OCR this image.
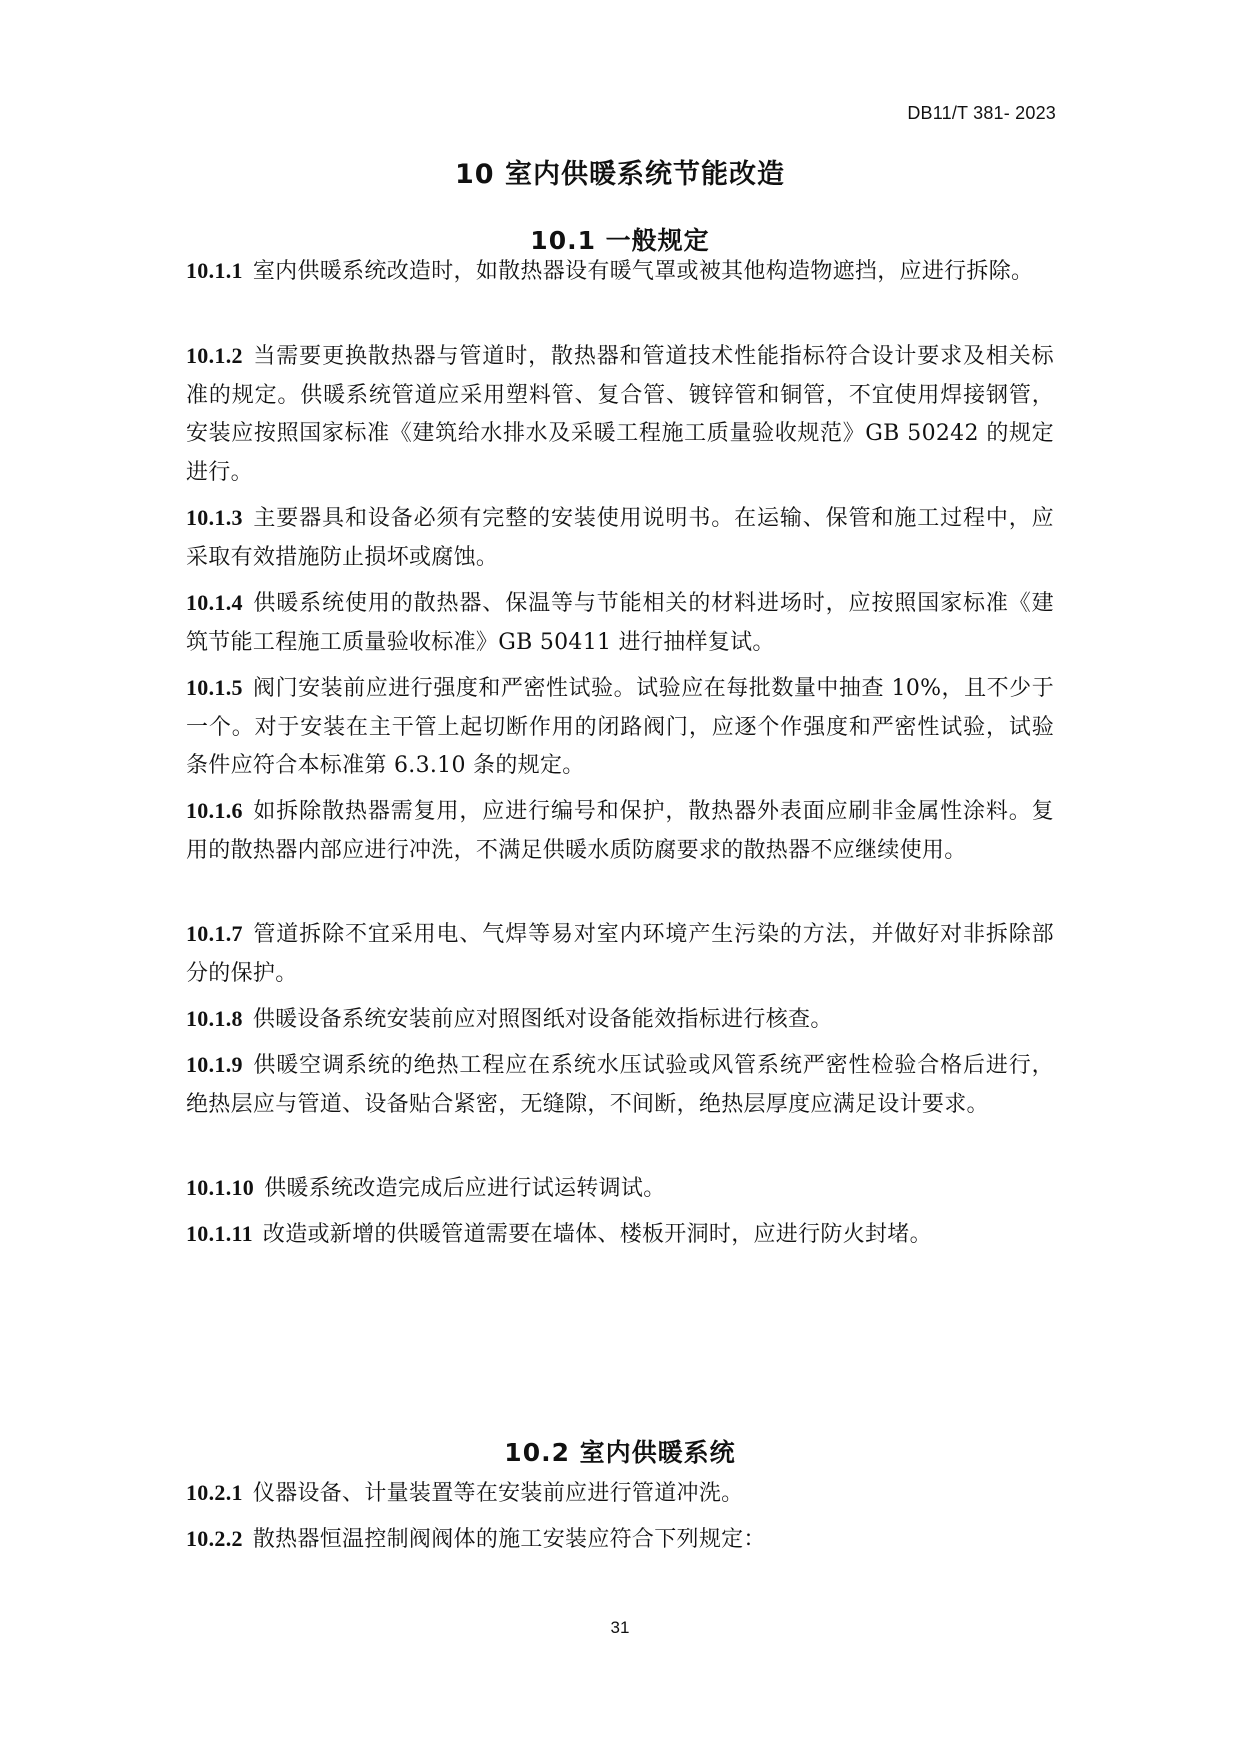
DB11/T 381- 2023
10 室内供暖系统节能改造
10.1 一般规定
10.1.1 室内供暖系统改造时，如散热器设有暖气罩或被其他构造物遮挡，应进行拆除。
10.1.2 当需要更换散热器与管道时，散热器和管道技术性能指标符合设计要求及相关标准的规定。供暖系统管道应采用塑料管、复合管、镀锌管和铜管，不宜使用焊接钢管，安装应按照国家标准《建筑给水排水及采暖工程施工质量验收规范》GB 50242 的规定进行。
10.1.3 主要器具和设备必须有完整的安装使用说明书。在运输、保管和施工过程中，应采取有效措施防止损坏或腐蚀。
10.1.4 供暖系统使用的散热器、保温等与节能相关的材料进场时，应按照国家标准《建筑节能工程施工质量验收标准》GB 50411 进行抽样复试。
10.1.5 阀门安装前应进行强度和严密性试验。试验应在每批数量中抽查 10%，且不少于一个。对于安装在主干管上起切断作用的闭路阀门，应逐个作强度和严密性试验，试验条件应符合本标准第 6.3.10 条的规定。
10.1.6 如拆除散热器需复用，应进行编号和保护，散热器外表面应刷非金属性涂料。复用的散热器内部应进行冲洗，不满足供暖水质防腐要求的散热器不应继续使用。
10.1.7 管道拆除不宜采用电、气焊等易对室内环境产生污染的方法，并做好对非拆除部分的保护。
10.1.8 供暖设备系统安装前应对照图纸对设备能效指标进行核查。
10.1.9 供暖空调系统的绝热工程应在系统水压试验或风管系统严密性检验合格后进行，绝热层应与管道、设备贴合紧密，无缝隙，不间断，绝热层厚度应满足设计要求。
10.1.10 供暖系统改造完成后应进行试运转调试。
10.1.11 改造或新增的供暖管道需要在墙体、楼板开洞时，应进行防火封堵。
10.2 室内供暖系统
10.2.1 仪器设备、计量装置等在安装前应进行管道冲洗。
10.2.2 散热器恒温控制阀阀体的施工安装应符合下列规定：
31
